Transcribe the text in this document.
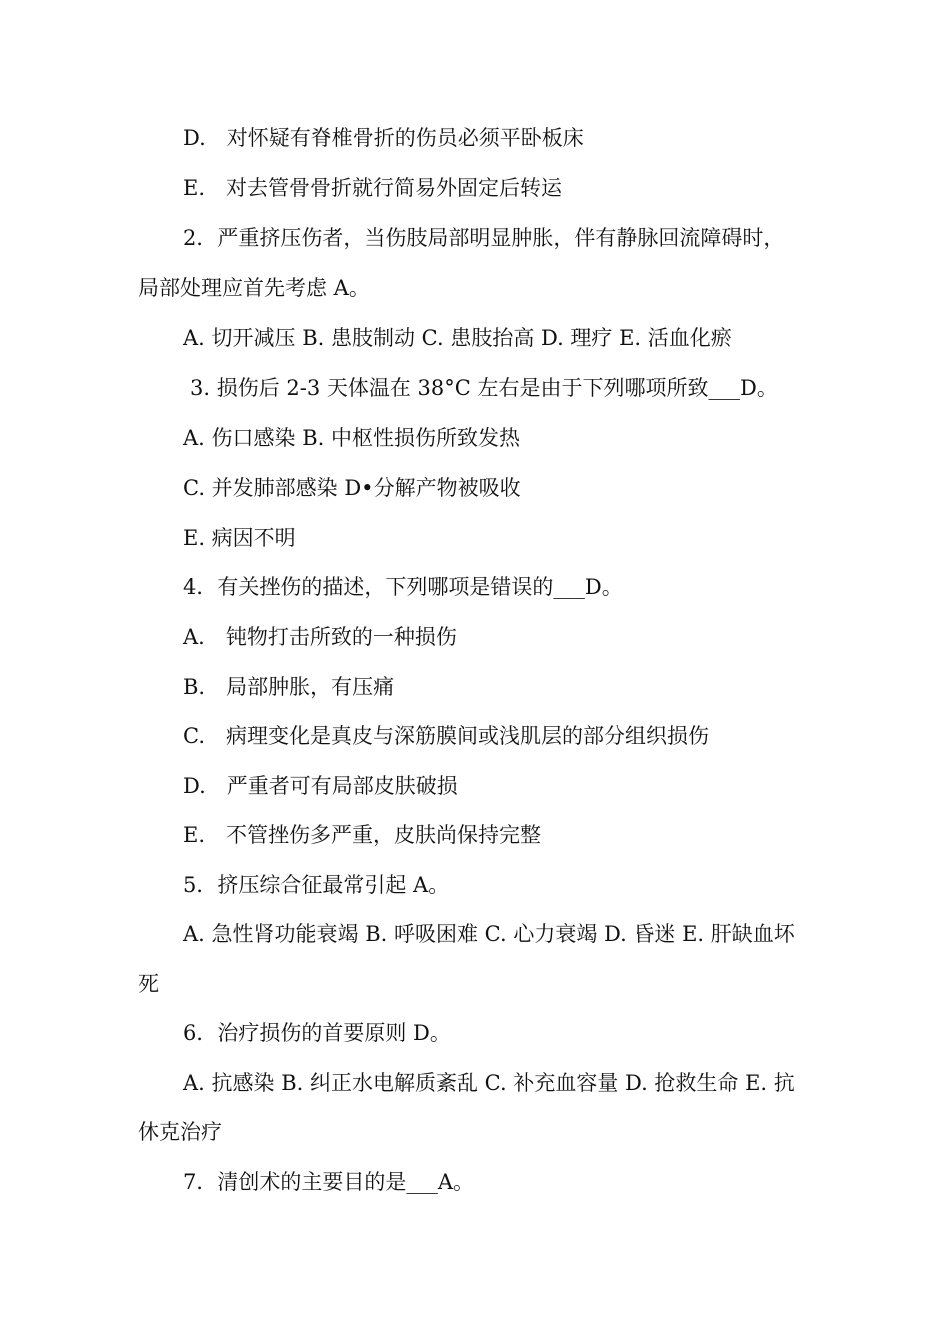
D.　对怀疑有脊椎骨折的伤员必须平卧板床
E.　对去管骨骨折就行简易外固定后转运
2．严重挤压伤者，当伤肢局部明显肿胀，伴有静脉回流障碍时，
局部处理应首先考虑 A。
A. 切开减压 B. 患肢制动 C. 患肢抬高 D. 理疗 E. 活血化瘀
3. 损伤后 2-3 天体温在 38°C 左右是由于下列哪项所致___D。
A. 伤口感染 B. 中枢性损伤所致发热
C. 并发肺部感染 D•分解产物被吸收
E. 病因不明
4．有关挫伤的描述，下列哪项是错误的___D。
A.　钝物打击所致的一种损伤
B.　局部肿胀，有压痛
C.　病理变化是真皮与深筋膜间或浅肌层的部分组织损伤
D.　严重者可有局部皮肤破损
E.　不管挫伤多严重，皮肤尚保持完整
5．挤压综合征最常引起 A。
A. 急性肾功能衰竭 B. 呼吸困难 C. 心力衰竭 D. 昏迷 E. 肝缺血坏
死
6．治疗损伤的首要原则 D。
A. 抗感染 B. 纠正水电解质紊乱 C. 补充血容量 D. 抢救生命 E. 抗
休克治疗
7．清创术的主要目的是___A。
